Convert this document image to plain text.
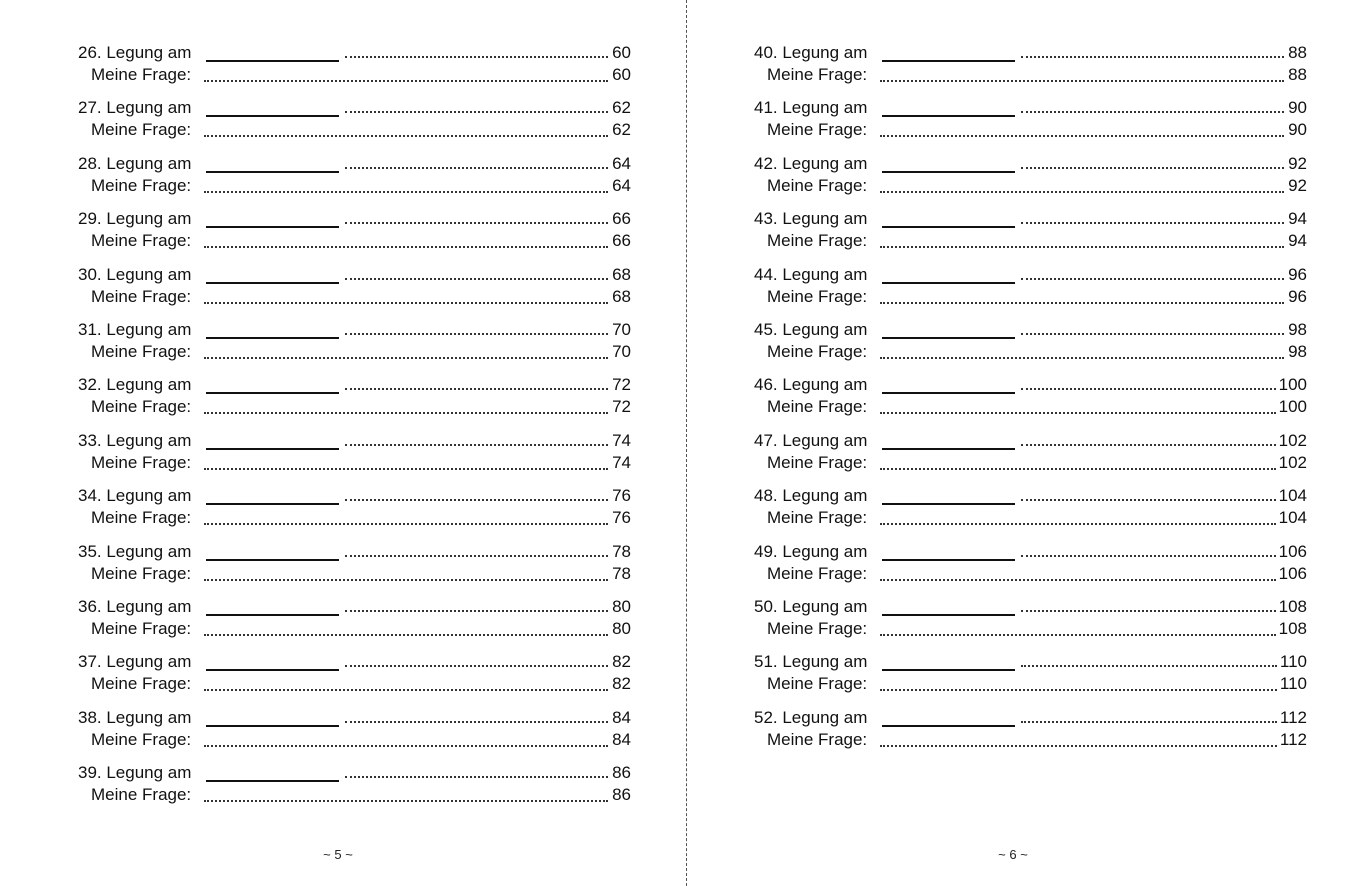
26. Legung am	60
Meine Frage:	60
27. Legung am	62
Meine Frage:	62
28. Legung am	64
Meine Frage:	64
29. Legung am	66
Meine Frage:	66
30. Legung am	68
Meine Frage:	68
31. Legung am	70
Meine Frage:	70
32. Legung am	72
Meine Frage:	72
33. Legung am	74
Meine Frage:	74
34. Legung am	76
Meine Frage:	76
35. Legung am	78
Meine Frage:	78
36. Legung am	80
Meine Frage:	80
37. Legung am	82
Meine Frage:	82
38. Legung am	84
Meine Frage:	84
39. Legung am	86
Meine Frage:	86
~ 5 ~
40. Legung am	88
Meine Frage:	88
41. Legung am	90
Meine Frage:	90
42. Legung am	92
Meine Frage:	92
43. Legung am	94
Meine Frage:	94
44. Legung am	96
Meine Frage:	96
45. Legung am	98
Meine Frage:	98
46. Legung am	100
Meine Frage:	100
47. Legung am	102
Meine Frage:	102
48. Legung am	104
Meine Frage:	104
49. Legung am	106
Meine Frage:	106
50. Legung am	108
Meine Frage:	108
51. Legung am	110
Meine Frage:	110
52. Legung am	112
Meine Frage:	112
~ 6 ~
